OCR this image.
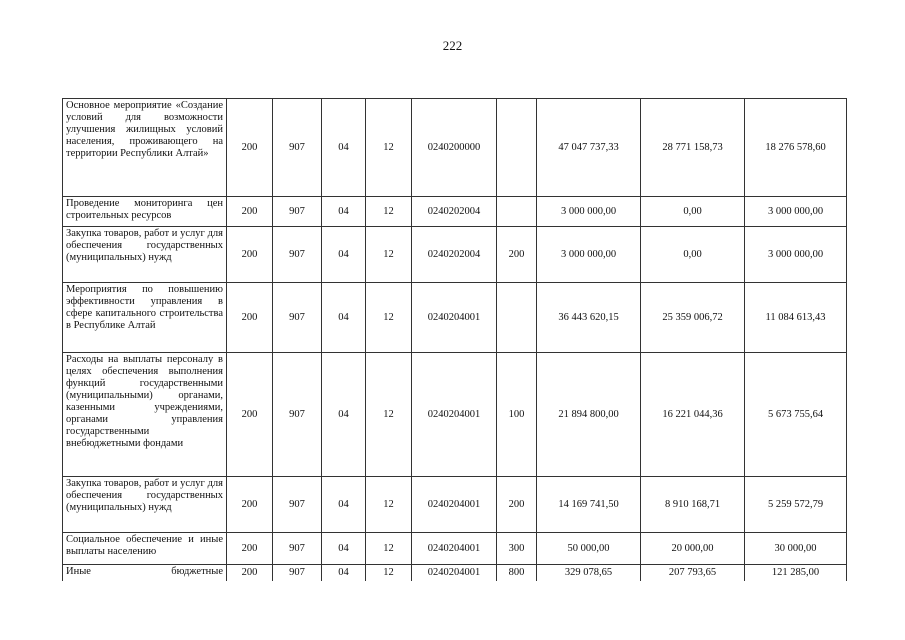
222
Основное мероприятие «Создание условий для возможности улучшения жилищных условий населения, проживающего на территории Республики Алтай»	200	907	04	12	0240200000		47 047 737,33	28 771 158,73	18 276 578,60
Проведение мониторинга цен строительных ресурсов	200	907	04	12	0240202004		3 000 000,00	0,00	3 000 000,00
Закупка товаров, работ и услуг для обеспечения государственных (муниципальных) нужд	200	907	04	12	0240202004	200	3 000 000,00	0,00	3 000 000,00
Мероприятия по повышению эффективности управления в сфере капитального строительства в Республике Алтай	200	907	04	12	0240204001		36 443 620,15	25 359 006,72	11 084 613,43
Расходы на выплаты персоналу в целях обеспечения выполнения функций государственными (муниципальными) органами, казенными учреждениями, органами управления государственными внебюджетными фондами	200	907	04	12	0240204001	100	21 894 800,00	16 221 044,36	5 673 755,64
Закупка товаров, работ и услуг для обеспечения государственных (муниципальных) нужд	200	907	04	12	0240204001	200	14 169 741,50	8 910 168,71	5 259 572,79
Социальное обеспечение и иные выплаты населению	200	907	04	12	0240204001	300	50 000,00	20 000,00	30 000,00
Иные бюджетные	200	907	04	12	0240204001	800	329 078,65	207 793,65	121 285,00
